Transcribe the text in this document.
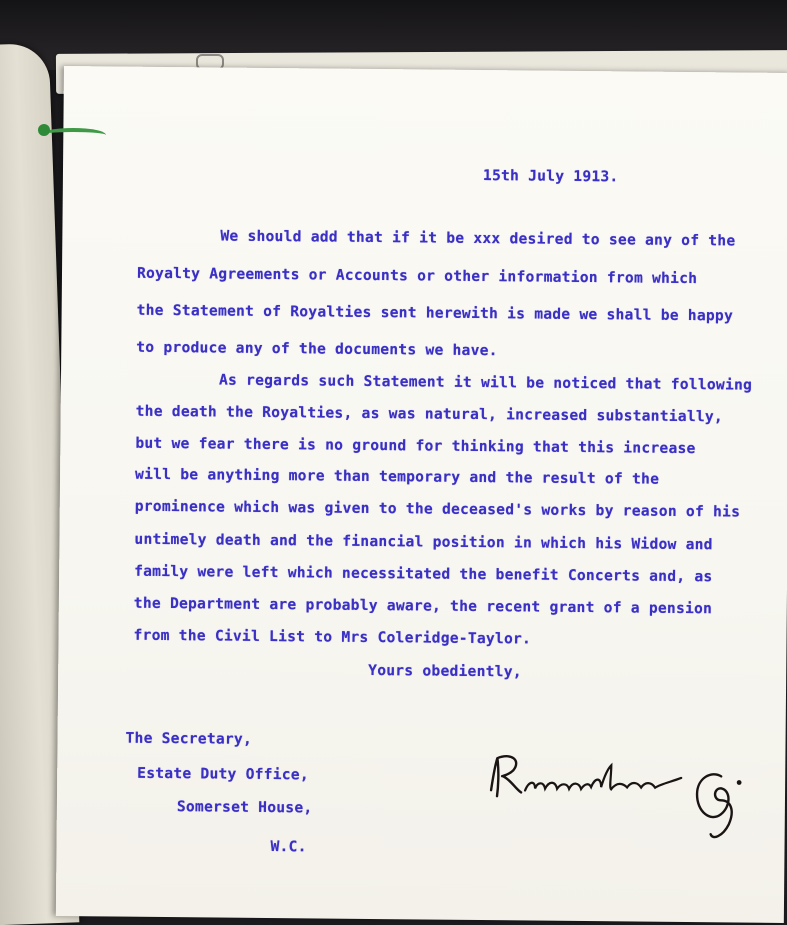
15th July 1913.
We should add that if it be xxx desired to see any of the
Royalty Agreements or Accounts or other information from which
the Statement of Royalties sent herewith is made we shall be happy
to produce any of the documents we have.
As regards such Statement it will be noticed that following
the death the Royalties, as was natural, increased substantially,
but we fear there is no ground for thinking that this increase
will be anything more than temporary and the result of the
prominence which was given to the deceased's works by reason of his
untimely death and the financial position in which his Widow and
family were left which necessitated the benefit Concerts and, as
the Department are probably aware, the recent grant of a pension
from the Civil List to Mrs Coleridge-Taylor.
Yours obediently,
The Secretary,
Estate Duty Office,
Somerset House,
W.C.
